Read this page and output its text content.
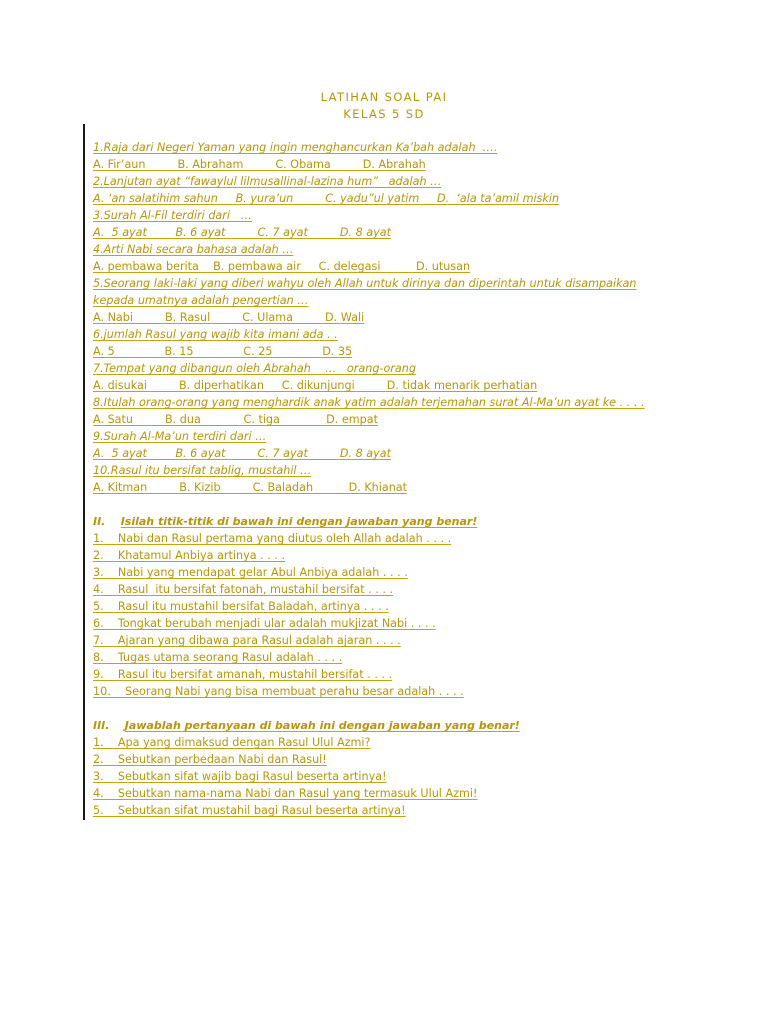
LATIHAN SOAL PAI
KELAS 5 SD
1.Raja dari Negeri Yaman yang ingin menghancurkan Ka’bah adalah  ….
A. Fir’aun         B. Abraham         C. Obama         D. Abrahah
2.Lanjutan ayat “fawaylul lilmusallinal-lazina hum”   adalah …
A. ‘an salatihim sahun     B. yura’un         C. yadu”ul yatim     D.  ‘ala ta’amil miskin
3.Surah Al-Fil terdiri dari   …
A.  5 ayat        B. 6 ayat         C. 7 ayat         D. 8 ayat
4.Arti Nabi secara bahasa adalah …
A. pembawa berita    B. pembawa air     C. delegasi          D. utusan
5.Seorang laki-laki yang diberi wahyu oleh Allah untuk dirinya dan diperintah untuk disampaikan
kepada umatnya adalah pengertian …
A. Nabi         B. Rasul         C. Ulama         D. Wali
6.jumlah Rasul yang wajib kita imani ada . .
A. 5              B. 15              C. 25              D. 35
7.Tempat yang dibangun oleh Abrahah    …   orang-orang
A. disukai         B. diperhatikan     C. dikunjungi         D. tidak menarik perhatian
8.Itulah orang-orang yang menghardik anak yatim adalah terjemahan surat Al-Ma’un ayat ke . . . .
A. Satu         B. dua            C. tiga             D. empat
9.Surah Al-Ma’un terdiri dari …
A.  5 ayat        B. 6 ayat         C. 7 ayat         D. 8 ayat
10.Rasul itu bersifat tablig, mustahil …
A. Kitman         B. Kizib         C. Baladah          D. Khianat
II. Isilah titik-titik di bawah ini dengan jawaban yang benar!
1.    Nabi dan Rasul pertama yang diutus oleh Allah adalah . . . .
2.    Khatamul Anbiya artinya . . . .
3.    Nabi yang mendapat gelar Abul Anbiya adalah . . . .
4.    Rasul  itu bersifat fatonah, mustahil bersifat . . . .
5.    Rasul itu mustahil bersifat Baladah, artinya . . . .
6.    Tongkat berubah menjadi ular adalah mukjizat Nabi . . . .
7.    Ajaran yang dibawa para Rasul adalah ajaran . . . .
8.    Tugas utama seorang Rasul adalah . . . .
9.    Rasul itu bersifat amanah, mustahil bersifat . . . .
10.    Seorang Nabi yang bisa membuat perahu besar adalah . . . .
III. Jawablah pertanyaan di bawah ini dengan jawaban yang benar!
1.    Apa yang dimaksud dengan Rasul Ulul Azmi?
2.    Sebutkan perbedaan Nabi dan Rasul!
3.    Sebutkan sifat wajib bagi Rasul beserta artinya!
4.    Sebutkan nama-nama Nabi dan Rasul yang termasuk Ulul Azmi!
5.    Sebutkan sifat mustahil bagi Rasul beserta artinya!
